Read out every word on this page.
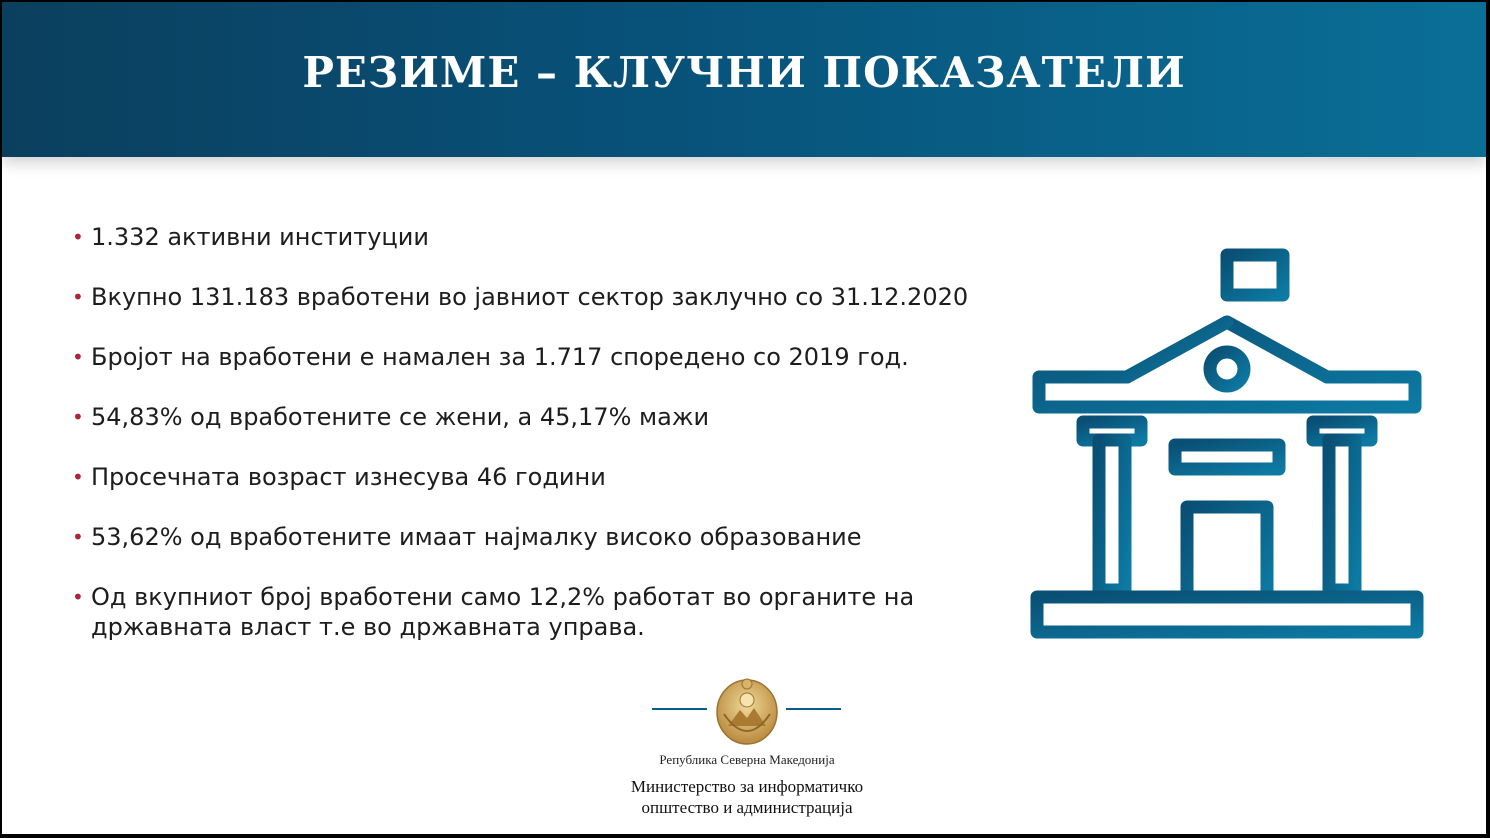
РЕЗИМЕ – КЛУЧНИ ПОКАЗАТЕЛИ
• 1.332 активни институции
• Вкупно 131.183 вработени во јавниот сектор заклучно со 31.12.2020
• Бројот на вработени е намален за 1.717 споредено со 2019 год.
• 54,83% од вработените се жени, а 45,17% мажи
• Просечната возраст изнесува 46 години
• 53,62% од вработените имаат најмалку високо образование
• Од вкупниот број вработени само 12,2% работат во органите на државната власт т.е во државната управа.
Република Северна Македонија
Министерство за информатичко
општество и администрација
